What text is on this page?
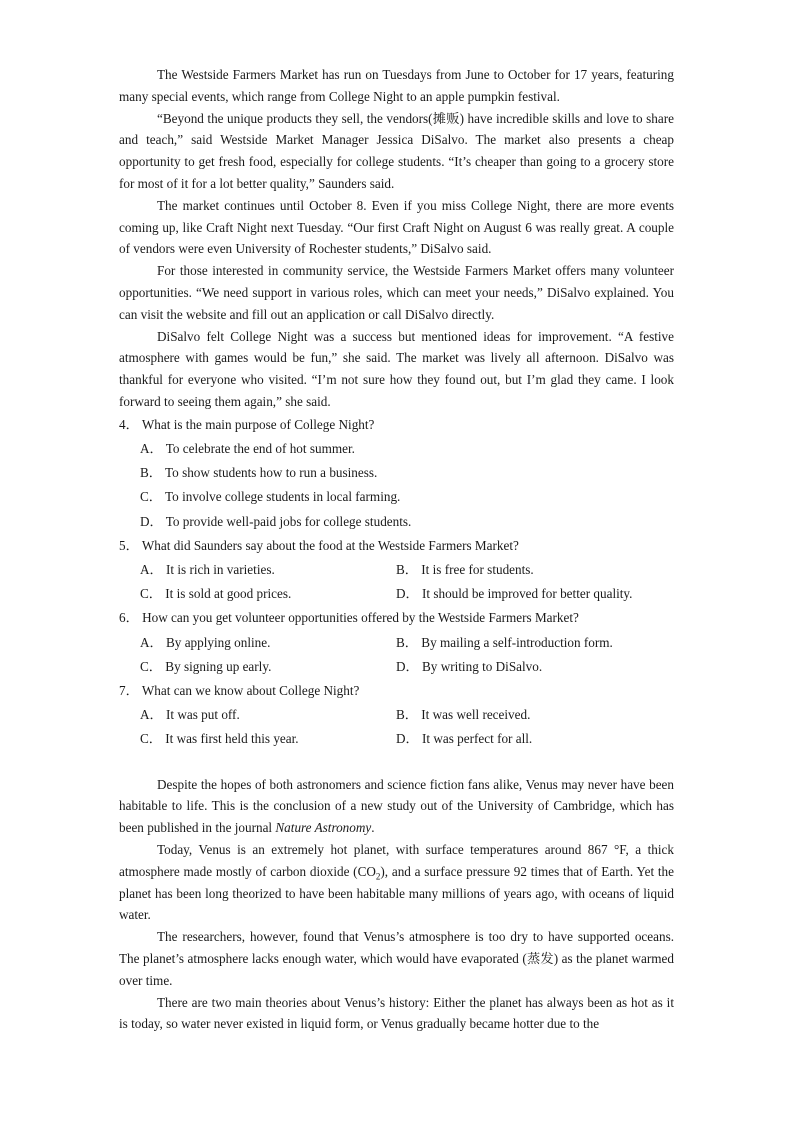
The Westside Farmers Market has run on Tuesdays from June to October for 17 years, featuring many special events, which range from College Night to an apple pumpkin festival.

“Beyond the unique products they sell, the vendors(摊贩) have incredible skills and love to share and teach,” said Westside Market Manager Jessica DiSalvo. The market also presents a cheap opportunity to get fresh food, especially for college students. “It’s cheaper than going to a grocery store for most of it for a lot better quality,” Saunders said.

The market continues until October 8. Even if you miss College Night, there are more events coming up, like Craft Night next Tuesday. “Our first Craft Night on August 6 was really great. A couple of vendors were even University of Rochester students,” DiSalvo said.

For those interested in community service, the Westside Farmers Market offers many volunteer opportunities. “We need support in various roles, which can meet your needs,” DiSalvo explained. You can visit the website and fill out an application or call DiSalvo directly.

DiSalvo felt College Night was a success but mentioned ideas for improvement. “A festive atmosphere with games would be fun,” she said. The market was lively all afternoon. DiSalvo was thankful for everyone who visited. “I’m not sure how they found out, but I’m glad they came. I look forward to seeing them again,” she said.

4． What is the main purpose of College Night?

A． To celebrate the end of hot summer.

B． To show students how to run a business.

C． To involve college students in local farming.

D． To provide well-paid jobs for college students.

5． What did Saunders say about the food at the Westside Farmers Market?

A． It is rich in varieties.	B． It is free for students.
C． It is sold at good prices.	D． It should be improved for better quality.

6． How can you get volunteer opportunities offered by the Westside Farmers Market?

A． By applying online.	B． By mailing a self-introduction form.
C． By signing up early.	D． By writing to DiSalvo.

7． What can we know about College Night?

A． It was put off.	B． It was well received.
C． It was first held this year.	D． It was perfect for all.

Despite the hopes of both astronomers and science fiction fans alike, Venus may never have been habitable to life. This is the conclusion of a new study out of the University of Cambridge, which has been published in the journal Nature Astronomy.

Today, Venus is an extremely hot planet, with surface temperatures around 867 °F, a thick atmosphere made mostly of carbon dioxide $(CO_2)$, and a surface pressure 92 times that of Earth. Yet the planet has been long theorized to have been habitable many millions of years ago, with oceans of liquid water.

The researchers, however, found that Venus’s atmosphere is too dry to have supported oceans. The planet’s atmosphere lacks enough water, which would have evaporated (蒸发) as the planet warmed over time.

There are two main theories about Venus’s history: Either the planet has always been as hot as it is today, so water never existed in liquid form, or Venus gradually became hotter due to the
